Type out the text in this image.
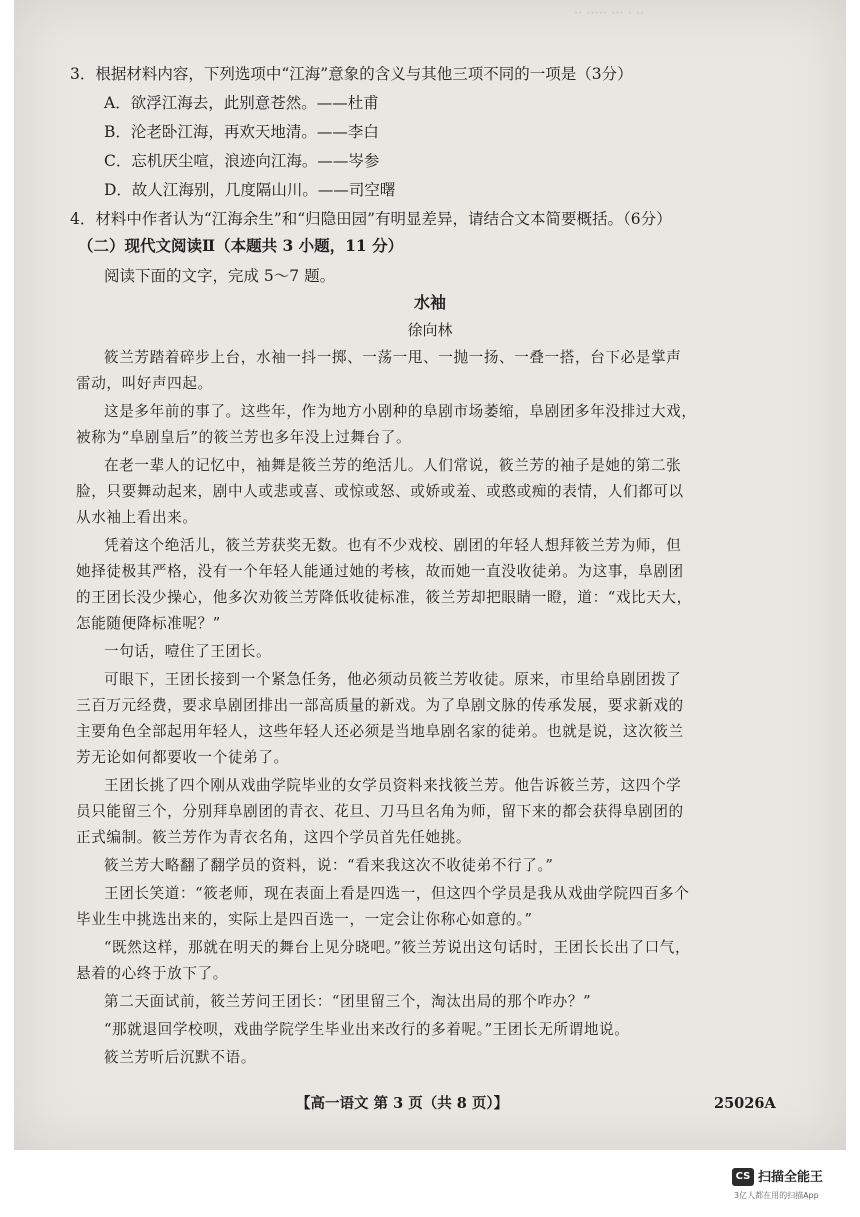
·· ····· ··· · ··
3．根据材料内容，下列选项中“江海”意象的含义与其他三项不同的一项是（3分）
A．欲浮江海去，此别意苍然。——杜甫
B．沦老卧江海，再欢天地清。——李白
C．忘机厌尘喧，浪迹向江海。——岑参
D．故人江海别，几度隔山川。——司空曙
4．材料中作者认为“江海余生”和“归隐田园”有明显差异，请结合文本简要概括。（6分）
（二）现代文阅读Ⅱ（本题共 3 小题，11 分）
阅读下面的文字，完成 5～7 题。
水袖
徐向林
筱兰芳踏着碎步上台，水袖一抖一掷、一荡一甩、一抛一扬、一叠一搭，台下必是掌声
雷动，叫好声四起。
这是多年前的事了。这些年，作为地方小剧种的阜剧市场萎缩，阜剧团多年没排过大戏，
被称为“阜剧皇后”的筱兰芳也多年没上过舞台了。
在老一辈人的记忆中，袖舞是筱兰芳的绝活儿。人们常说，筱兰芳的袖子是她的第二张
脸，只要舞动起来，剧中人或悲或喜、或惊或怒、或娇或羞、或憨或痴的表情，人们都可以
从水袖上看出来。
凭着这个绝活儿，筱兰芳获奖无数。也有不少戏校、剧团的年轻人想拜筱兰芳为师，但
她择徒极其严格，没有一个年轻人能通过她的考核，故而她一直没收徒弟。为这事，阜剧团
的王团长没少操心，他多次劝筱兰芳降低收徒标准，筱兰芳却把眼睛一瞪，道：“戏比天大，
怎能随便降标准呢？”
一句话，噎住了王团长。
可眼下，王团长接到一个紧急任务，他必须动员筱兰芳收徒。原来，市里给阜剧团拨了
三百万元经费，要求阜剧团排出一部高质量的新戏。为了阜剧文脉的传承发展，要求新戏的
主要角色全部起用年轻人，这些年轻人还必须是当地阜剧名家的徒弟。也就是说，这次筱兰
芳无论如何都要收一个徒弟了。
王团长挑了四个刚从戏曲学院毕业的女学员资料来找筱兰芳。他告诉筱兰芳，这四个学
员只能留三个，分别拜阜剧团的青衣、花旦、刀马旦名角为师，留下来的都会获得阜剧团的
正式编制。筱兰芳作为青衣名角，这四个学员首先任她挑。
筱兰芳大略翻了翻学员的资料，说：“看来我这次不收徒弟不行了。”
王团长笑道：“筱老师，现在表面上看是四选一，但这四个学员是我从戏曲学院四百多个
毕业生中挑选出来的，实际上是四百选一，一定会让你称心如意的。”
“既然这样，那就在明天的舞台上见分晓吧。”筱兰芳说出这句话时，王团长长出了口气，
悬着的心终于放下了。
第二天面试前，筱兰芳问王团长：“团里留三个，淘汰出局的那个咋办？”
“那就退回学校呗，戏曲学院学生毕业出来改行的多着呢。”王团长无所谓地说。
筱兰芳听后沉默不语。
【高一语文 第 3 页（共 8 页）】	25026A
CS 扫描全能王
3亿人都在用的扫描App
